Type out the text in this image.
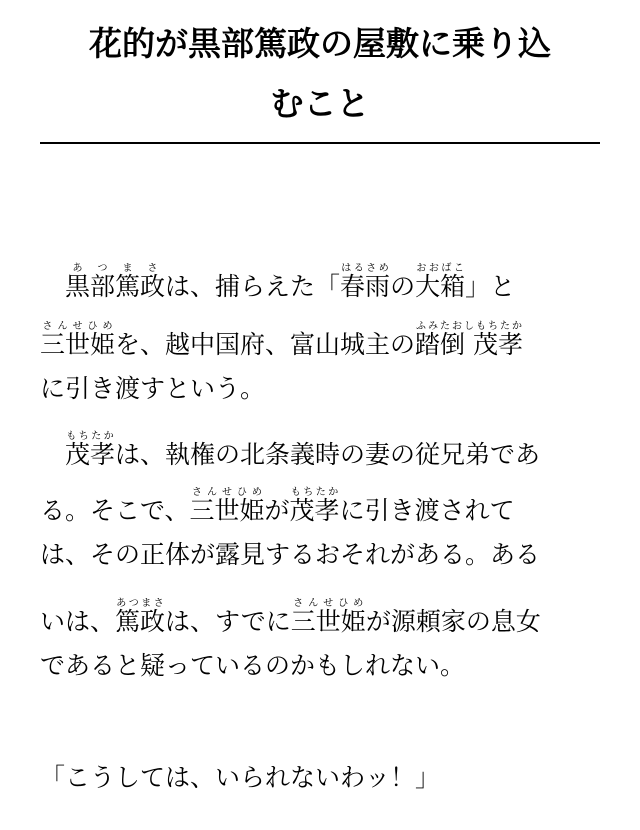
花的が黒部篤政の屋敷に乗り込
むこと
　黒部篤政あつまさは、捕らえた「春雨はるさめの大箱おおばこ」と
三世姫さんせひめを、越中国府、富山城主の踏倒 茂孝ふみたおしもちたか
に引き渡すという。
　茂孝もちたかは、執権の北条義時の妻の従兄弟であ
る。そこで、三世姫さんせひめが茂孝もちたかに引き渡されて
は、その正体が露見するおそれがある。ある
いは、篤政あつまさは、すでに三世姫さんせひめが源頼家の息女
であると疑っているのかもしれない。
「こうしては、いられないわッ！」
